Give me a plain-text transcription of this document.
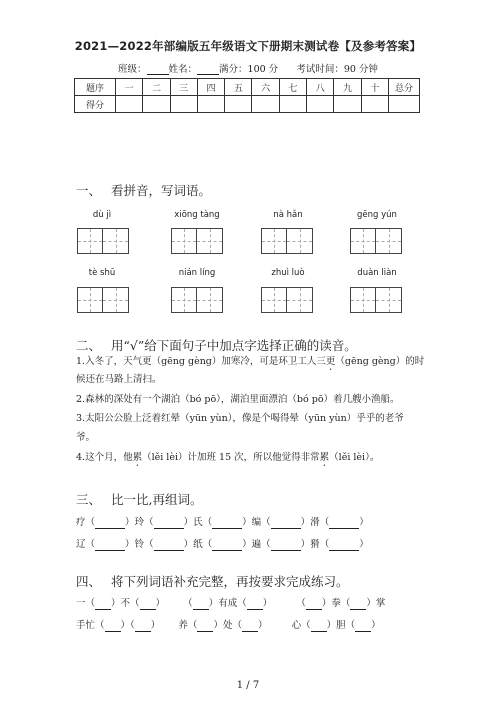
2021—2022年部编版五年级语文下册期末测试卷【及参考答案】
班级： 姓名： 满分：100 分 考试时间：90 分钟
题序	一	二	三	四	五	六	七	八	九	十	总分
得分											
一、 看拼音，写词语。
dù jì	xiōng tàng	nà hǎn	gēng yún
tè shū	nián líng	zhuì luò	duàn liàn
二、 用“√”给下面句子中加点字选择正确的读音。
1.入冬了，天气更（gēng gèng）加寒冷，可是环卫工人三更（gēng gèng）的时
候还在马路上清扫。
2.森林的深处有一个湖泊（bó pō），湖泊里面漂泊（bó pō）着几艘小渔船。
3.太阳公公脸上泛着红晕（yūn yùn），像是个喝得晕（yūn yùn）乎乎的老爷
爷。
4.这个月，他累（lěi lèi）计加班 15 次，所以他觉得非常累（lěi lèi）。
三、 比一比,再组词。
疗（	）玲（	）氏（	）编（	）滑（	）
辽（	）铃（	）纸（	）遍（	）猾（	）
四、 将下列词语补充完整，再按要求完成练习。
一（ ）不（ ） （ ）有成（ ）	（ ）拳（ ）掌
手忙（ ）（ ） 养（ ）处（ ）	心（ ）胆（ ）
1 / 7
